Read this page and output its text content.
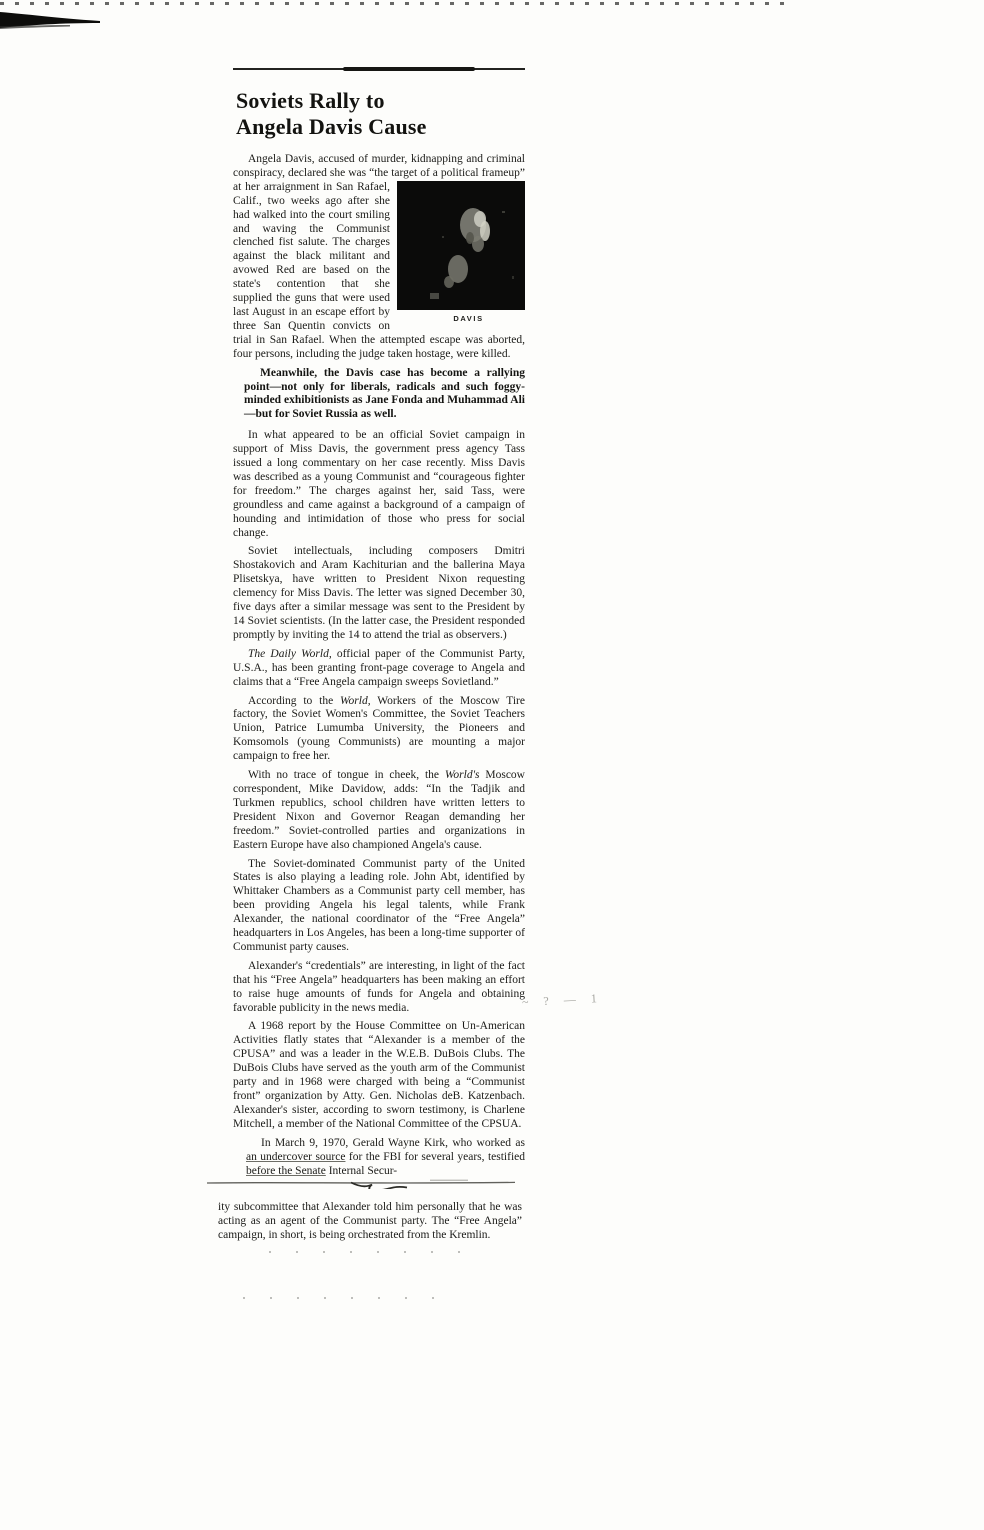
Soviets Rally to
Angela Davis Cause

DAVIS
Angela Davis, accused of murder, kidnapping and criminal conspiracy, declared she was “the target of a political frameup” at her arraignment in San Rafael, Calif., two weeks ago after she had walked into the court smiling and waving the Communist clenched fist salute. The charges against the black militant and avowed Red are based on the state's contention that she supplied the guns that were used last August in an escape effort by three San Quentin convicts on trial in San Rafael. When the attempted escape was aborted, four persons, including the judge taken hostage, were killed.

Meanwhile, the Davis case has become a rallying point—not only for liberals, radicals and such foggy-minded exhibitionists as Jane Fonda and Muhammad Ali—but for Soviet Russia as well.

In what appeared to be an official Soviet campaign in support of Miss Davis, the government press agency Tass issued a long commentary on her case recently. Miss Davis was described as a young Communist and “courageous fighter for freedom.” The charges against her, said Tass, were groundless and came against a background of a campaign of hounding and intimidation of those who press for social change.

Soviet intellectuals, including composers Dmitri Shostakovich and Aram Kachiturian and the ballerina Maya Plisetskya, have written to President Nixon requesting clemency for Miss Davis. The letter was signed December 30, five days after a similar message was sent to the President by 14 Soviet scientists. (In the latter case, the President responded promptly by inviting the 14 to attend the trial as observers.)

The Daily World, official paper of the Communist Party, U.S.A., has been granting front-page coverage to Angela and claims that a “Free Angela campaign sweeps Sovietland.”

According to the World, Workers of the Moscow Tire factory, the Soviet Women's Committee, the Soviet Teachers Union, Patrice Lumumba University, the Pioneers and Komsomols (young Communists) are mounting a major campaign to free her.

With no trace of tongue in cheek, the World's Moscow correspondent, Mike Davidow, adds: “In the Tadjik and Turkmen republics, school children have written letters to President Nixon and Governor Reagan demanding her freedom.” Soviet-controlled parties and organizations in Eastern Europe have also championed Angela's cause.

The Soviet-dominated Communist party of the United States is also playing a leading role. John Abt, identified by Whittaker Chambers as a Communist party cell member, has been providing Angela his legal talents, while Frank Alexander, the national coordinator of the “Free Angela” headquarters in Los Angeles, has been a long-time supporter of Communist party causes.

Alexander's “credentials” are interesting, in light of the fact that his “Free Angela” headquarters has been making an effort to raise huge amounts of funds for Angela and obtaining favorable publicity in the news media.	~ ? — 1

A 1968 report by the House Committee on Un-American Activities flatly states that “Alexander is a member of the CPUSA” and was a leader in the W.E.B. DuBois Clubs. The DuBois Clubs have served as the youth arm of the Communist party and in 1968 were charged with being a “Communist front” organization by Atty. Gen. Nicholas deB. Katzenbach. Alexander's sister, according to sworn testimony, is Charlene Mitchell, a member of the National Committee of the CPSUA.

In March 9, 1970, Gerald Wayne Kirk, who worked as an undercover source for the FBI for several years, testified before the Senate Internal Secur-

ity subcommittee that Alexander told him personally that he was acting as an agent of the Communist party. The “Free Angela” campaign, in short, is being orchestrated from the Kremlin.
